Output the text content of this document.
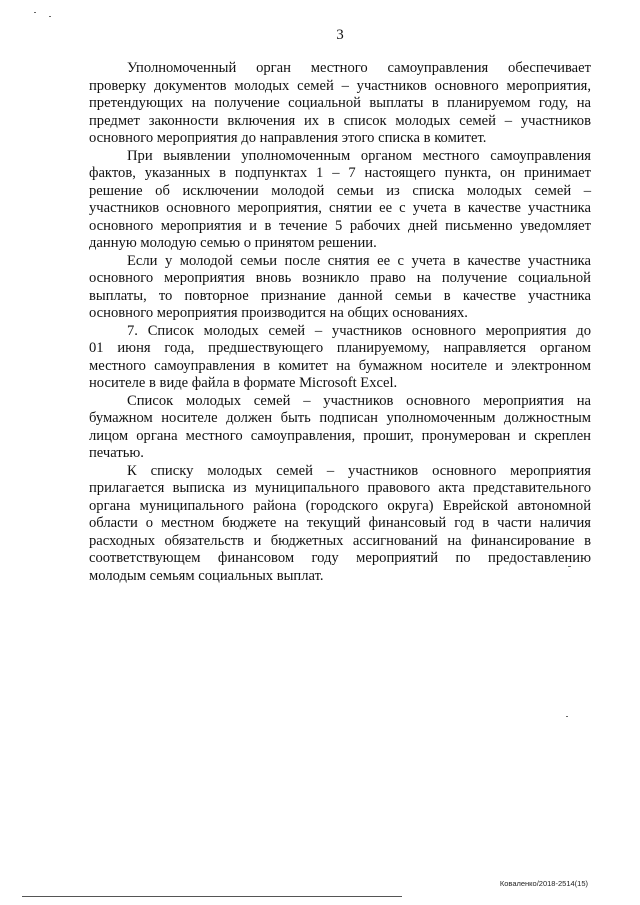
3
Уполномоченный орган местного самоуправления обеспечивает
проверку документов молодых семей – участников основного мероприятия,
претендующих на получение социальной выплаты в планируемом году, на
предмет законности включения их в список молодых семей – участников
основного мероприятия до направления этого списка в комитет.
При выявлении уполномоченным органом местного самоуправления
фактов, указанных в подпунктах 1 – 7 настоящего пункта, он принимает
решение об исключении молодой семьи из списка молодых семей –
участников основного мероприятия, снятии ее с учета в качестве участника
основного мероприятия и в течение 5 рабочих дней письменно уведомляет
данную молодую семью о принятом решении.
Если у молодой семьи после снятия ее с учета в качестве участника
основного мероприятия вновь возникло право на получение социальной
выплаты, то повторное признание данной семьи в качестве участника
основного мероприятия производится на общих основаниях.
7. Список молодых семей – участников основного мероприятия до
01 июня года, предшествующего планируемому, направляется органом
местного самоуправления в комитет на бумажном носителе и электронном
носителе в виде файла в формате Microsoft Excel.
Список молодых семей – участников основного мероприятия на
бумажном носителе должен быть подписан уполномоченным должностным
лицом органа местного самоуправления, прошит, пронумерован и скреплен
печатью.
К списку молодых семей – участников основного мероприятия
прилагается выписка из муниципального правового акта представительного
органа муниципального района (городского округа) Еврейской автономной
области о местном бюджете на текущий финансовый год в части наличия
расходных обязательств и бюджетных ассигнований на финансирование в
соответствующем финансовом году мероприятий по предоставлению
молодым семьям социальных выплат.
Коваленко/2018-2514(15)
